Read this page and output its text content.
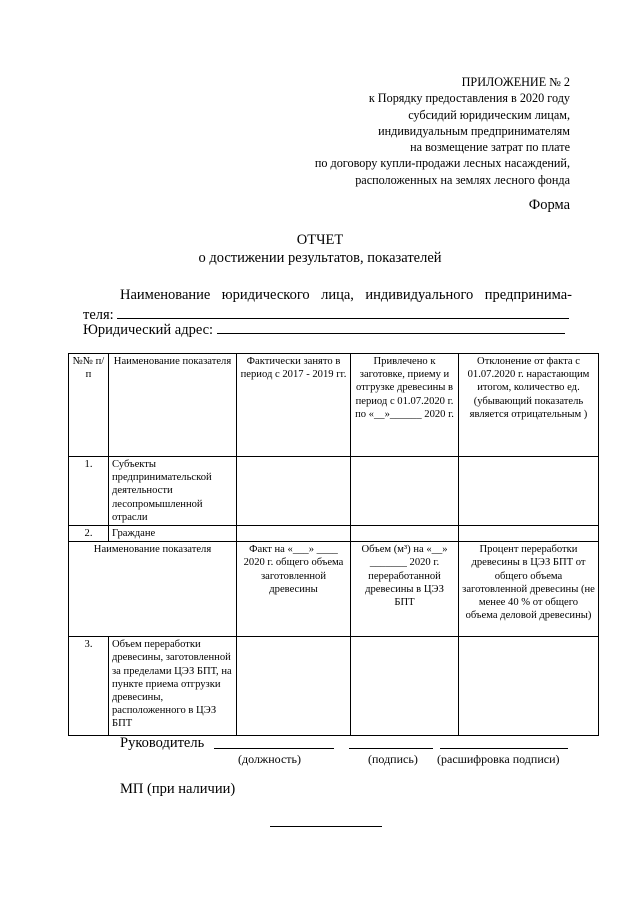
ПРИЛОЖЕНИЕ № 2
к Порядку предоставления в 2020 году
субсидий юридическим лицам,
индивидуальным предпринимателям
на возмещение затрат по плате
по договору купли-продажи лесных насаждений,
расположенных на землях лесного фонда
Форма
ОТЧЕТ
о достижении результатов, показателей
Наименование юридического лица, индивидуального предпринима-
теля:
Юридический адрес:
№№ п/п	Наименование показателя	Фактически занято в период с 2017 - 2019 гг.	Привлечено к заготовке, приему и отгрузке древесины в период с 01.07.2020 г. по «__»______ 2020 г.	Отклонение от факта с 01.07.2020 г. нарастающим итогом, количество ед. (убывающий показатель является отрицательным )
1.	Субъекты предпринимательской деятельности лесопромышленной отрасли			
2.	Граждане			
Наименование показателя		Факт на «___» ____ 2020 г. общего объема заготовленной древесины	Объем (м³) на «__» _______ 2020 г. переработанной древесины в ЦЭЗ БПТ	Процент переработки древесины в ЦЭЗ БПТ от общего объема заготовленной древесины (не менее 40 % от общего объема деловой древесины)
3.	Объем переработки древесины, заготовленной за пределами ЦЭЗ БПТ, на пункте приема отгрузки древесины, расположенного в ЦЭЗ БПТ			
Руководитель
(должность)	(подпись) (расшифровка подписи)
МП (при наличии)
